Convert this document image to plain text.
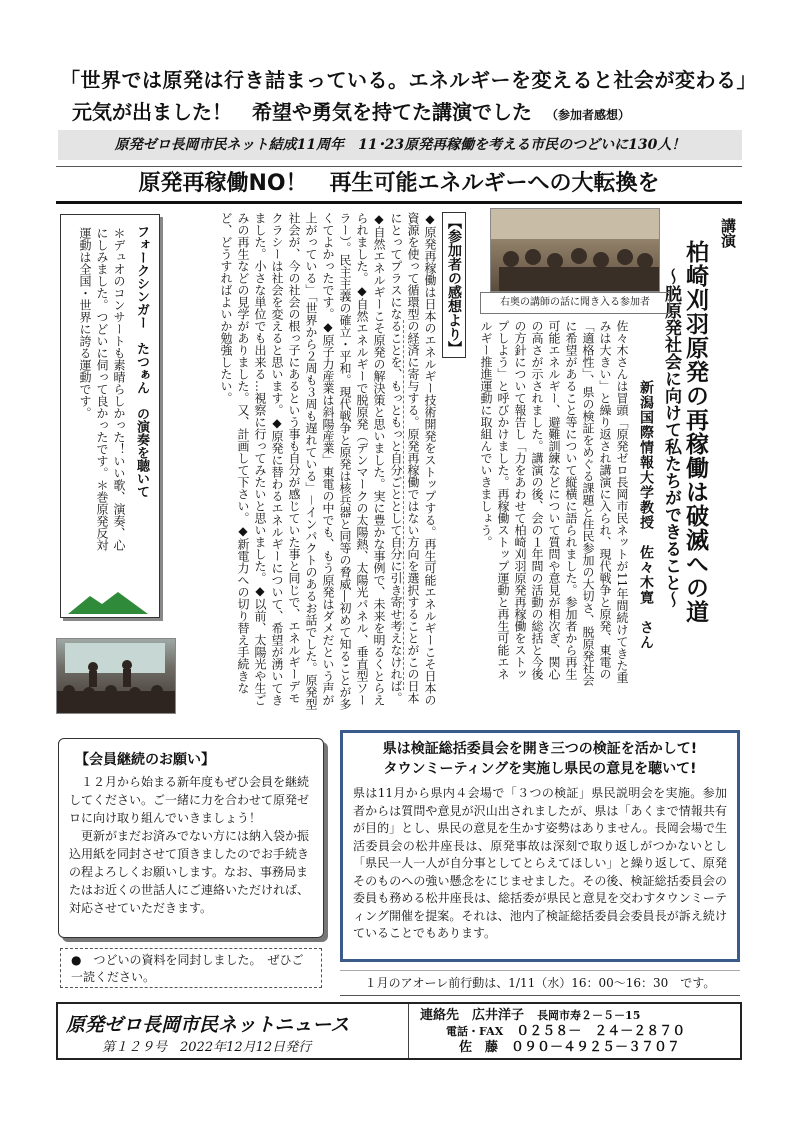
「世界では原発は行き詰まっている。エネルギーを変えると社会が変わる」
元気が出ました！　希望や勇気を持てた講演でした （参加者感想）
原発ゼロ長岡市民ネット結成11周年　11･23原発再稼働を考える市民のつどいに130人！
原発再稼働NO！　再生可能エネルギーへの大転換を
講演
柏崎刈羽原発の再稼働は破滅への道
～脱原発社会に向けて私たちができること～
新潟国際情報大学教授　佐々木寛　さん
佐々木さんは冒頭「原発ゼロ長岡市民ネットが11年間続けてきた重みは大きい」と繰り返され講演に入られ、現代戦争と原発、東電の「適格性」、県の検証をめぐる課題と住民参加の大切さ、脱原発社会に希望があること等について縦横に語られました。参加者から再生可能エネルギー、避難訓練などについて質問や意見が相次ぎ、関心の高さが示されました。講演の後、会の１年間の活動の総括と今後の方針について報告し「力をあわせて柏崎刈羽原発再稼働をストップしよう」と呼びかけました。再稼働ストップ運動と再生可能エネルギー推進運動に取組んでいきましょう。
右奥の講師の話に聞き入る参加者
【参加者の感想より】
◆原発再稼働は日本のエネルギー技術開発をストップする。再生可能エネルギーこそ日本の資源を使って循環型の経済に寄与する。原発再稼働ではない方向を選択することがこの日本にとってプラスになることを、もっともっと自分ごととして自分に引き寄せ考えなければ。◆自然エネルギーこそ原発の解決策と思いました。実に豊かな事例で、未来を明るくとらえられました。◆自然エネルギーで脱原発（デンマークの太陽熱、太陽光パネル、垂直型ソーラー）。民主主義の確立・平和。現代戦争と原発は核兵器と同等の脅威―初めて知ることが多くてよかったです。◆原子力産業は斜陽産業」東電の中でも、もう原発はダメだという声が上がっている」「世界から２周も３周も遅れている」－インパクトのあるお話でした。原発型社会が、今の社会の根っ子にあるという事も自分が感じていた事と同じで、エネルギーデモクラシーは社会を変えると思います。◆原発に替わるエネルギーについて、希望が湧いてきました。小さな単位でも出来る…視察に行ってみたいと思いました。◆以前、太陽光や生ごみの再生などの見学がありました。又、計画して下さい。◆新電力への切り替え手続きなど、どうすればよいか勉強したい。
フォークシンガー　たつぁん　の演奏を聴いて
＊デュオのコンサートも素晴らしかった！いい歌、演奏、心にしみました。つどいに伺って良かったです。＊巻原発反対運動は全国・世界に誇る運動です。
【会員継続のお願い】

１２月から始まる新年度もぜひ会員を継続してください。ご一緒に力を合わせて原発ゼロに向け取り組んでいきましょう！

更新がまだお済みでない方には納入袋か振込用紙を同封させて頂きましたのでお手続きの程よろしくお願いします。なお、事務局またはお近くの世話人にご連絡いただければ、対応させていただきます。

●　つどいの資料を同封しました。　ぜひご一読ください。
県は検証総括委員会を開き三つの検証を活かして!
タウンミーティングを実施し県民の意見を聴いて!
県は11月から県内４会場で「３つの検証」県民説明会を実施。参加者からは質問や意見が沢山出されましたが、県は「あくまで情報共有が目的」とし、県民の意見を生かす姿勢はありません。長岡会場で生活委員会の松井座長は、原発事故は深刻で取り返しがつかないとし「県民一人一人が自分事としてとらえてほしい」と繰り返して、原発そのものへの強い懸念をにじませました。その後、検証総括委員会の委員も務める松井座長は、総括委が県民と意見を交わすタウンミーティング開催を提案。それは、池内了検証総括委員会委員長が訴え続けていることでもあります。
１月のアオーレ前行動は、1/11（水）16：00～16：30　です。
原発ゼロ長岡市民ネットニュース
第１２９号　2022年12月12日発行
連絡先　 広井洋子　 長岡市寿２－５－15
　　電話・FAX　 ０２５８－　２４－２８７０
　　　佐　藤　 ０９０－４９２５－３７０７
